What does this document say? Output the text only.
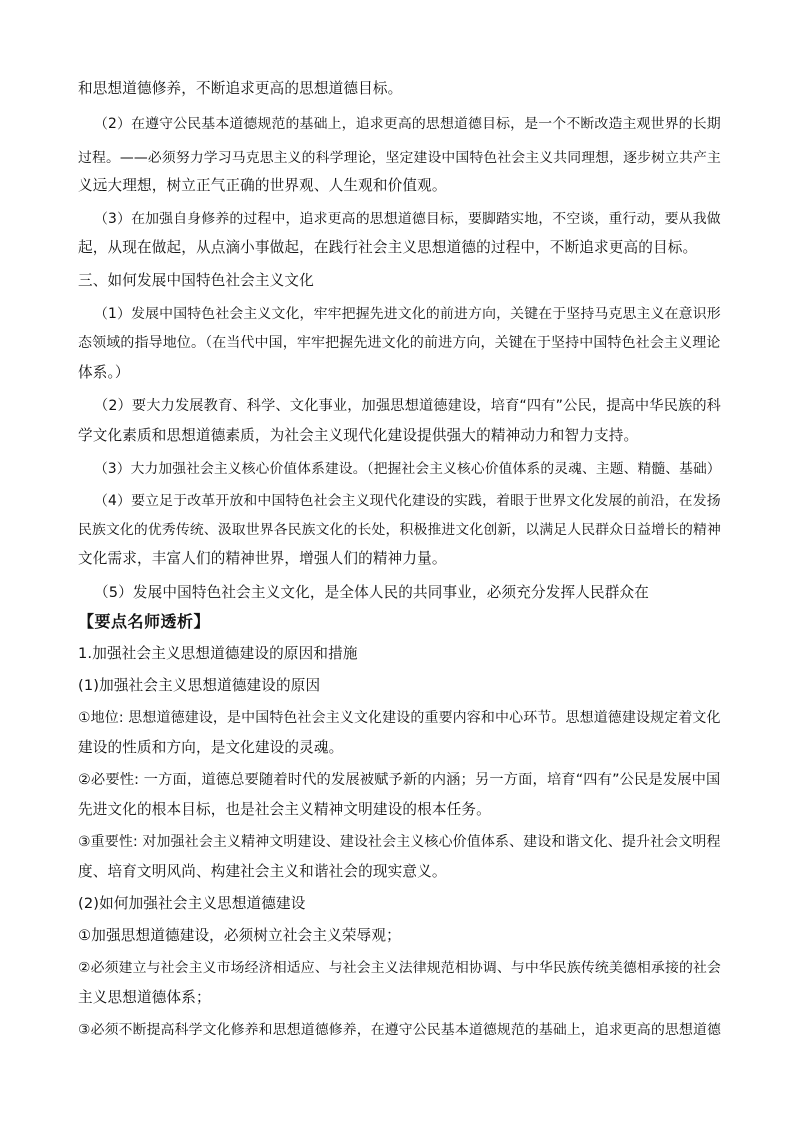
和思想道德修养，不断追求更高的思想道德目标。
（2）在遵守公民基本道德规范的基础上，追求更高的思想道德目标，是一个不断改造主观世界的长期
过程。——必须努力学习马克思主义的科学理论，坚定建设中国特色社会主义共同理想，逐步树立共产主
义远大理想，树立正气正确的世界观、人生观和价值观。
（3）在加强自身修养的过程中，追求更高的思想道德目标，要脚踏实地，不空谈，重行动，要从我做
起，从现在做起，从点滴小事做起，在践行社会主义思想道德的过程中，不断追求更高的目标。
三、如何发展中国特色社会主义文化
（1）发展中国特色社会主义文化，牢牢把握先进文化的前进方向，关键在于坚持马克思主义在意识形
态领域的指导地位。（在当代中国，牢牢把握先进文化的前进方向，关键在于坚持中国特色社会主义理论
体系。）
（2）要大力发展教育、科学、文化事业，加强思想道德建设，培育“四有”公民，提高中华民族的科
学文化素质和思想道德素质，为社会主义现代化建设提供强大的精神动力和智力支持。
（3）大力加强社会主义核心价值体系建设。（把握社会主义核心价值体系的灵魂、主题、精髓、基础）
（4）要立足于改革开放和中国特色社会主义现代化建设的实践，着眼于世界文化发展的前沿，在发扬
民族文化的优秀传统、汲取世界各民族文化的长处，积极推进文化创新，以满足人民群众日益增长的精神
文化需求，丰富人们的精神世界，增强人们的精神力量。
（5）发展中国特色社会主义文化，是全体人民的共同事业，必须充分发挥人民群众在
【要点名师透析】
1.加强社会主义思想道德建设的原因和措施
(1)加强社会主义思想道德建设的原因
①地位: 思想道德建设，是中国特色社会主义文化建设的重要内容和中心环节。思想道德建设规定着文化
建设的性质和方向，是文化建设的灵魂。
②必要性: 一方面，道德总要随着时代的发展被赋予新的内涵；另一方面，培育“四有”公民是发展中国
先进文化的根本目标，也是社会主义精神文明建设的根本任务。
③重要性: 对加强社会主义精神文明建设、建设社会主义核心价值体系、建设和谐文化、提升社会文明程
度、培育文明风尚、构建社会主义和谐社会的现实意义。
(2)如何加强社会主义思想道德建设
①加强思想道德建设，必须树立社会主义荣辱观；
②必须建立与社会主义市场经济相适应、与社会主义法律规范相协调、与中华民族传统美德相承接的社会
主义思想道德体系；
③必须不断提高科学文化修养和思想道德修养，在遵守公民基本道德规范的基础上，追求更高的思想道德
